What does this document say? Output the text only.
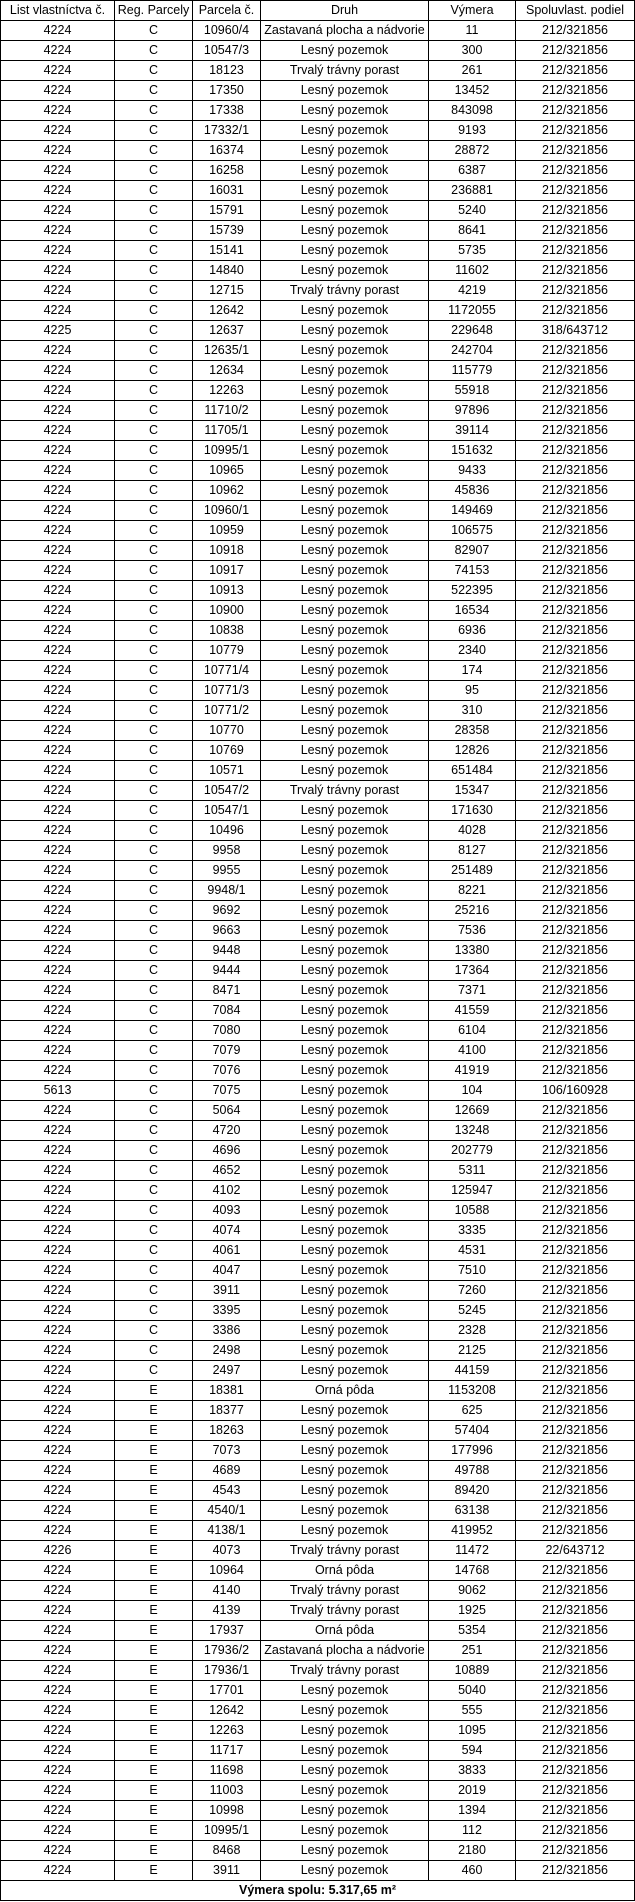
List vlastníctva č.	Reg. Parcely	Parcela č.	Druh	Výmera	Spoluvlast. podiel
4224	C	10960/4	Zastavaná plocha a nádvorie	11	212/321856
4224	C	10547/3	Lesný pozemok	300	212/321856
4224	C	18123	Trvalý trávny porast	261	212/321856
4224	C	17350	Lesný pozemok	13452	212/321856
4224	C	17338	Lesný pozemok	843098	212/321856
4224	C	17332/1	Lesný pozemok	9193	212/321856
4224	C	16374	Lesný pozemok	28872	212/321856
4224	C	16258	Lesný pozemok	6387	212/321856
4224	C	16031	Lesný pozemok	236881	212/321856
4224	C	15791	Lesný pozemok	5240	212/321856
4224	C	15739	Lesný pozemok	8641	212/321856
4224	C	15141	Lesný pozemok	5735	212/321856
4224	C	14840	Lesný pozemok	11602	212/321856
4224	C	12715	Trvalý trávny porast	4219	212/321856
4224	C	12642	Lesný pozemok	1172055	212/321856
4225	C	12637	Lesný pozemok	229648	318/643712
4224	C	12635/1	Lesný pozemok	242704	212/321856
4224	C	12634	Lesný pozemok	115779	212/321856
4224	C	12263	Lesný pozemok	55918	212/321856
4224	C	11710/2	Lesný pozemok	97896	212/321856
4224	C	11705/1	Lesný pozemok	39114	212/321856
4224	C	10995/1	Lesný pozemok	151632	212/321856
4224	C	10965	Lesný pozemok	9433	212/321856
4224	C	10962	Lesný pozemok	45836	212/321856
4224	C	10960/1	Lesný pozemok	149469	212/321856
4224	C	10959	Lesný pozemok	106575	212/321856
4224	C	10918	Lesný pozemok	82907	212/321856
4224	C	10917	Lesný pozemok	74153	212/321856
4224	C	10913	Lesný pozemok	522395	212/321856
4224	C	10900	Lesný pozemok	16534	212/321856
4224	C	10838	Lesný pozemok	6936	212/321856
4224	C	10779	Lesný pozemok	2340	212/321856
4224	C	10771/4	Lesný pozemok	174	212/321856
4224	C	10771/3	Lesný pozemok	95	212/321856
4224	C	10771/2	Lesný pozemok	310	212/321856
4224	C	10770	Lesný pozemok	28358	212/321856
4224	C	10769	Lesný pozemok	12826	212/321856
4224	C	10571	Lesný pozemok	651484	212/321856
4224	C	10547/2	Trvalý trávny porast	15347	212/321856
4224	C	10547/1	Lesný pozemok	171630	212/321856
4224	C	10496	Lesný pozemok	4028	212/321856
4224	C	9958	Lesný pozemok	8127	212/321856
4224	C	9955	Lesný pozemok	251489	212/321856
4224	C	9948/1	Lesný pozemok	8221	212/321856
4224	C	9692	Lesný pozemok	25216	212/321856
4224	C	9663	Lesný pozemok	7536	212/321856
4224	C	9448	Lesný pozemok	13380	212/321856
4224	C	9444	Lesný pozemok	17364	212/321856
4224	C	8471	Lesný pozemok	7371	212/321856
4224	C	7084	Lesný pozemok	41559	212/321856
4224	C	7080	Lesný pozemok	6104	212/321856
4224	C	7079	Lesný pozemok	4100	212/321856
4224	C	7076	Lesný pozemok	41919	212/321856
5613	C	7075	Lesný pozemok	104	106/160928
4224	C	5064	Lesný pozemok	12669	212/321856
4224	C	4720	Lesný pozemok	13248	212/321856
4224	C	4696	Lesný pozemok	202779	212/321856
4224	C	4652	Lesný pozemok	5311	212/321856
4224	C	4102	Lesný pozemok	125947	212/321856
4224	C	4093	Lesný pozemok	10588	212/321856
4224	C	4074	Lesný pozemok	3335	212/321856
4224	C	4061	Lesný pozemok	4531	212/321856
4224	C	4047	Lesný pozemok	7510	212/321856
4224	C	3911	Lesný pozemok	7260	212/321856
4224	C	3395	Lesný pozemok	5245	212/321856
4224	C	3386	Lesný pozemok	2328	212/321856
4224	C	2498	Lesný pozemok	2125	212/321856
4224	C	2497	Lesný pozemok	44159	212/321856
4224	E	18381	Orná pôda	1153208	212/321856
4224	E	18377	Lesný pozemok	625	212/321856
4224	E	18263	Lesný pozemok	57404	212/321856
4224	E	7073	Lesný pozemok	177996	212/321856
4224	E	4689	Lesný pozemok	49788	212/321856
4224	E	4543	Lesný pozemok	89420	212/321856
4224	E	4540/1	Lesný pozemok	63138	212/321856
4224	E	4138/1	Lesný pozemok	419952	212/321856
4226	E	4073	Trvalý trávny porast	11472	22/643712
4224	E	10964	Orná pôda	14768	212/321856
4224	E	4140	Trvalý trávny porast	9062	212/321856
4224	E	4139	Trvalý trávny porast	1925	212/321856
4224	E	17937	Orná pôda	5354	212/321856
4224	E	17936/2	Zastavaná plocha a nádvorie	251	212/321856
4224	E	17936/1	Trvalý trávny porast	10889	212/321856
4224	E	17701	Lesný pozemok	5040	212/321856
4224	E	12642	Lesný pozemok	555	212/321856
4224	E	12263	Lesný pozemok	1095	212/321856
4224	E	11717	Lesný pozemok	594	212/321856
4224	E	11698	Lesný pozemok	3833	212/321856
4224	E	11003	Lesný pozemok	2019	212/321856
4224	E	10998	Lesný pozemok	1394	212/321856
4224	E	10995/1	Lesný pozemok	112	212/321856
4224	E	8468	Lesný pozemok	2180	212/321856
4224	E	3911	Lesný pozemok	460	212/321856
Výmera spolu: 5.317,65 m²					
